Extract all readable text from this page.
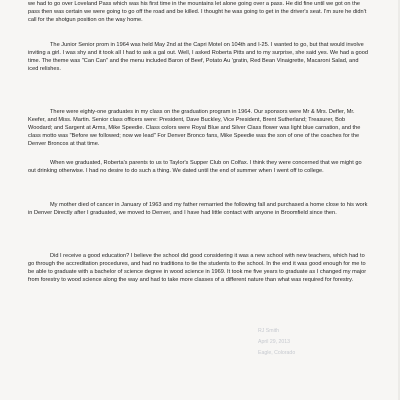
we had to go over Loveland Pass which was his first time in the mountains let alone going over a pass. He did fine until we got on the pass then was certain we were going to go off the road and be killed. I thought he was going to get in the driver's seat. I'm sure he didn't call for the shotgun position on the way home.

The Junior Senior prom in 1964 was held May 2nd at the Capri Motel on 104th and I-25. I wanted to go, but that would involve inviting a girl. I was shy and it took all I had to ask a gal out. Well, I asked Roberta Pitts and to my surprise, she said yes. We had a good time. The theme was "Can Can" and the menu included Baron of Beef, Potato Au 'gratin, Red Bean Vinaigrette, Macaroni Salad, and iced relishes.

There were eighty-one graduates in my class on the graduation program in 1964. Our sponsors were Mr & Mrs. Defler, Mr. Keefer, and Miss. Martin. Senior class officers were: President, Dave Buckley, Vice President, Brent Sutherland; Treasurer, Bob Woodard; and Sargent at Arms, Mike Speedie. Class colors were Royal Blue and Silver Class flower was light blue carnation, and the class motto was "Before we followed; now we lead" For Denver Bronco fans, Mike Speedie was the son of one of the coaches for the Denver Broncos at that time.

When we graduated, Roberta's parents to us to Taylor's Supper Club on Colfax. I think they were concerned that we might go out drinking otherwise. I had no desire to do such a thing. We dated until the end of summer when I went off to college.

My mother died of cancer in January of 1963 and my father remarried the following fall and purchased a home close to his work in Denver Directly after I graduated, we moved to Denver, and I have had little contact with anyone in Broomfield since then.

Did I receive a good education? I believe the school did good considering it was a new school with new teachers, which had to go through the accreditation procedures, and had no traditions to tie the students to the school. In the end it was good enough for me to be able to graduate with a bachelor of science degree in wood science in 1969. It took me five years to graduate as I changed my major from forestry to wood science along the way and had to take more classes of a different nature than what was required for forestry.

RJ Smith
April 29, 2013
Eagle, Colorado
